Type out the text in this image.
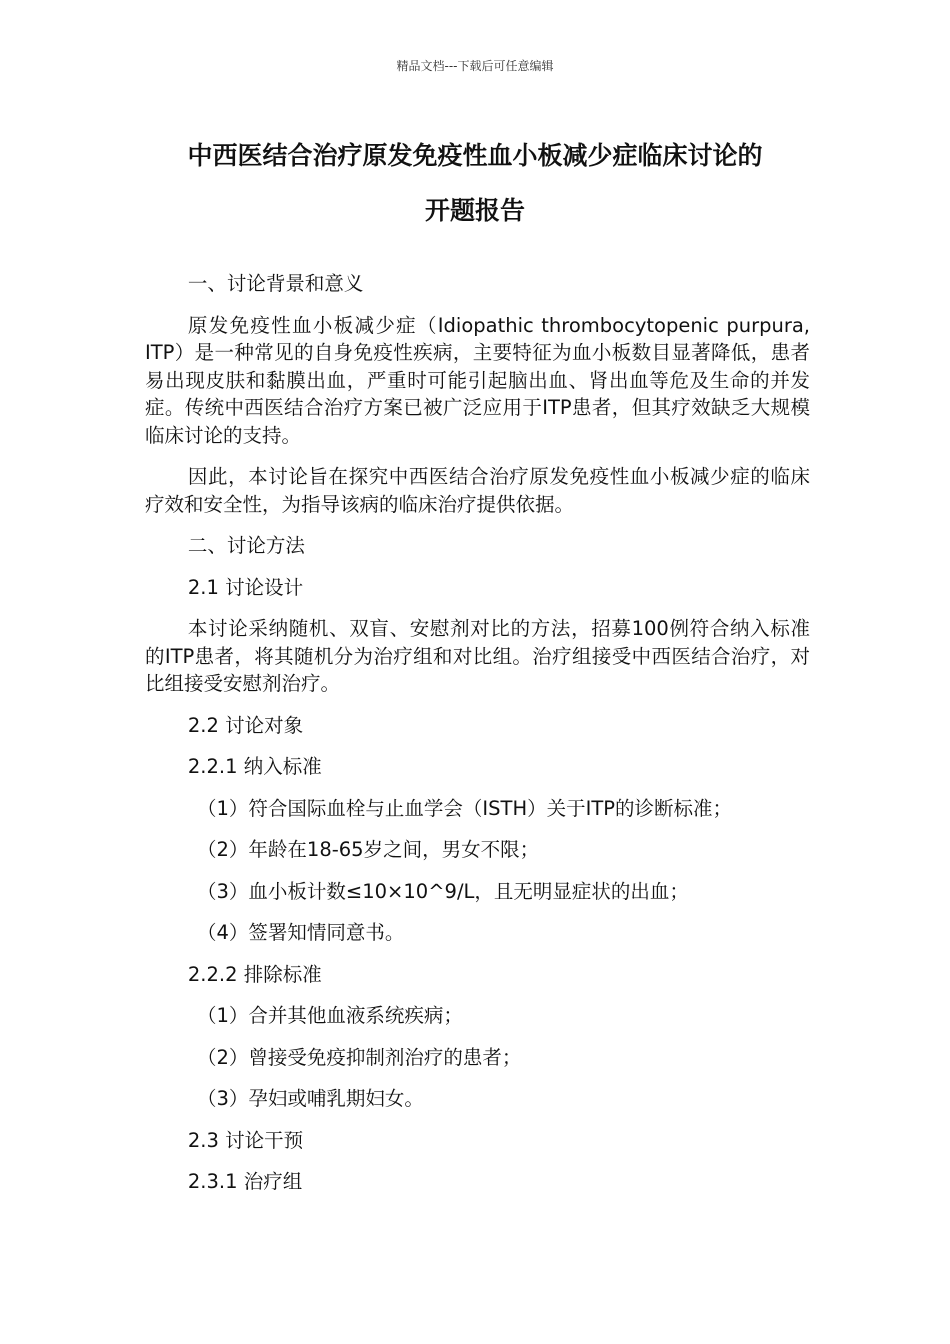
精品文档---下载后可任意编辑
中西医结合治疗原发免疫性血小板减少症临床讨论的
开题报告

一、讨论背景和意义

原发免疫性血小板减少症（Idiopathic thrombocytopenic purpura, ITP）是一种常见的自身免疫性疾病，主要特征为血小板数目显著降低，患者易出现皮肤和黏膜出血，严重时可能引起脑出血、肾出血等危及生命的并发症。传统中西医结合治疗方案已被广泛应用于ITP患者，但其疗效缺乏大规模临床讨论的支持。

因此，本讨论旨在探究中西医结合治疗原发免疫性血小板减少症的临床疗效和安全性，为指导该病的临床治疗提供依据。

二、讨论方法

2.1 讨论设计

本讨论采纳随机、双盲、安慰剂对比的方法，招募100例符合纳入标准的ITP患者，将其随机分为治疗组和对比组。治疗组接受中西医结合治疗，对比组接受安慰剂治疗。

2.2 讨论对象

2.2.1 纳入标准

（1）符合国际血栓与止血学会（ISTH）关于ITP的诊断标准；

（2）年龄在18-65岁之间，男女不限；

（3）血小板计数≤10×10^9/L，且无明显症状的出血；

（4）签署知情同意书。

2.2.2 排除标准

（1）合并其他血液系统疾病；

（2）曾接受免疫抑制剂治疗的患者；

（3）孕妇或哺乳期妇女。

2.3 讨论干预

2.3.1 治疗组
